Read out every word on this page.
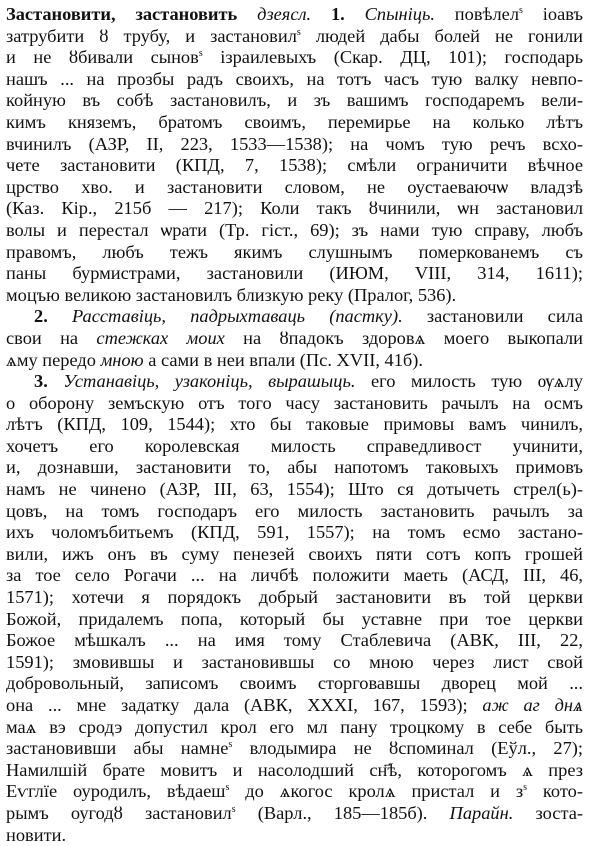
Застановити, застановить дзеясл. 1. Спыніць. повѣлел$^s$ іоавъ
затрубити ȣ трубу, и застановил$^s$ людей дабы болей не гонили
и не ȣбивали сынов$^s$ ізраилевыхъ (Скар. ДЦ, 101); господарь
нашъ ... на прозбы радъ своихъ, на тотъ часъ тую валку невпо-
койную въ собѣ застановилъ, и зъ вашимъ господаремъ вели-
кимъ княземъ, братомъ своимъ, перемирье на колько лѣтъ
вчинилъ (АЗР, II, 223, 1533—1538); на чомъ тую речъ всхо-
чете застановити (КПД, 7, 1538); смѣли ограничити вѣчное
црство хво. и застановити словом, не оустаеваючѡ владзѣ
(Каз. Кір., 215б — 217); Коли такъ ȣчинили, ѡн застановил
волы и перестал ѡрати (Тр. гіст., 69); зъ нами тую справу, любъ
правомъ, любъ тежъ якимъ слушнымъ померкованемъ съ
паны бурмистрами, застановили (ИЮМ, VIII, 314, 1611);
моцъю великою застановилъ близкую реку (Пралог, 536).
2. Расставіць, падрыхтаваць (пастку). застановили сила
свои на стежках моих на ȣпадокъ здоровѧ моего выкопали
ѧму передо мною а сами в неи впали (Пс. XVII, 41б).
3. Устанавіць, узаконіць, вырашыць. его милость тую ѹѧлу
о оборону земъскую отъ того часу застановить рачылъ на осмъ
лѣтъ (КПД, 109, 1544); хто бы таковые примовы вамъ чинилъ,
хочетъ его королевская милость справедливост учинити,
и, дознавши, застановити то, абы напотомъ таковыхъ примовъ
намъ не чинено (АЗР, III, 63, 1554); Што ся дотычеть стрел(ь)-
цовъ, на томъ господаръ его милость застановить рачылъ за
ихъ чоломъбитьемъ (КПД, 591, 1557); на томъ есмо застано-
вили, ижъ онъ въ суму пенезей своихъ пяти сотъ копъ грошей
за тое село Рогачи ... на личбѣ положити маеть (АСД, III, 46,
1571); хотечи я порядокъ добрый застановити въ той церкви
Божой, придалемъ попа, который бы уставне при тое церкви
Божое мѣшкалъ ... на имя тому Стаблевича (АВК, III, 22,
1591); змовившы и застановившы со мною через лист свой
добровольный, записомъ своимъ сторговавшы дворец мой ...
она ... мне задатку дала (АВК, XXXI, 167, 1593); аж аг днѧ
маѧ вэ сродэ допустил крол его мл пану троцкому в себе быть
застановивши абы намне$^s$ влодымира не ȣспоминал (Еўл., 27);
Намилшій брате мовитъ и насолодший сн҃ѣ, которогомъ ѧ през
Еѵглїе оуродилъ, вѣдаеш$^s$ до ѧкогос кролѧ пристал и $з^s$ кото-
рымъ оугодȣ застановил$^s$ (Варл., 185—185б). Парайн. зоста-
новити.
